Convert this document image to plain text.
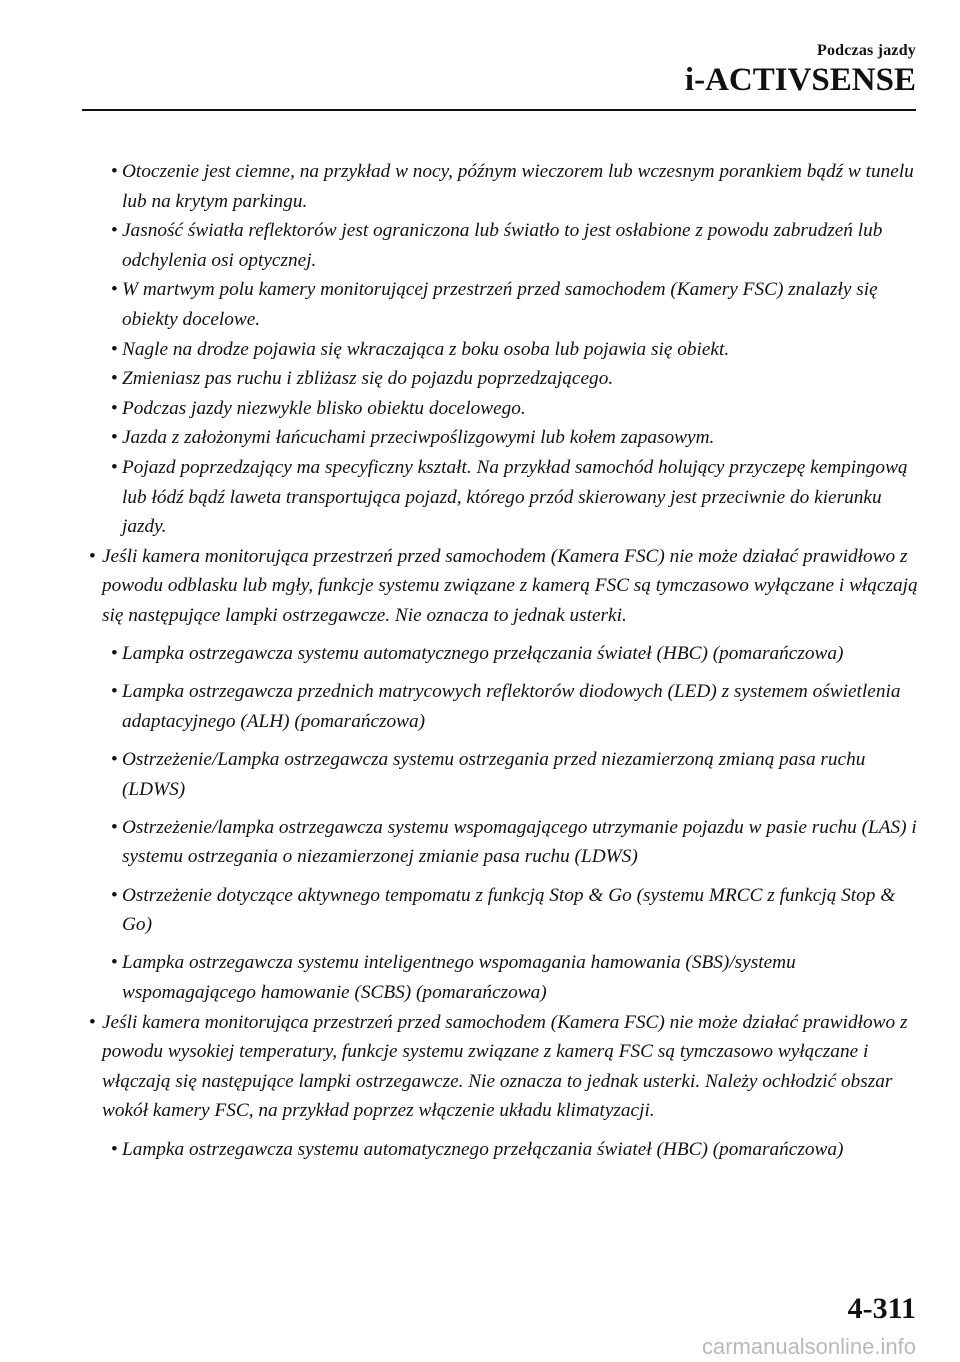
Podczas jazdy
i-ACTIVSENSE
• Otoczenie jest ciemne, na przykład w nocy, późnym wieczorem lub wczesnym porankiem bądź w tunelu lub na krytym parkingu.
• Jasność światła reflektorów jest ograniczona lub światło to jest osłabione z powodu zabrudzeń lub odchylenia osi optycznej.
• W martwym polu kamery monitorującej przestrzeń przed samochodem (Kamery FSC) znalazły się obiekty docelowe.
• Nagle na drodze pojawia się wkraczająca z boku osoba lub pojawia się obiekt.
• Zmieniasz pas ruchu i zbliżasz się do pojazdu poprzedzającego.
• Podczas jazdy niezwykle blisko obiektu docelowego.
• Jazda z założonymi łańcuchami przeciwpoślizgowymi lub kołem zapasowym.
• Pojazd poprzedzający ma specyficzny kształt. Na przykład samochód holujący przyczepę kempingową lub łódź bądź laweta transportująca pojazd, którego przód skierowany jest przeciwnie do kierunku jazdy.
• Jeśli kamera monitorująca przestrzeń przed samochodem (Kamera FSC) nie może działać prawidłowo z powodu odblasku lub mgły, funkcje systemu związane z kamerą FSC są tymczasowo wyłączane i włączają się następujące lampki ostrzegawcze. Nie oznacza to jednak usterki.
• Lampka ostrzegawcza systemu automatycznego przełączania świateł (HBC) (pomarańczowa)
• Lampka ostrzegawcza przednich matrycowych reflektorów diodowych (LED) z systemem oświetlenia adaptacyjnego (ALH) (pomarańczowa)
• Ostrzeżenie/Lampka ostrzegawcza systemu ostrzegania przed niezamierzoną zmianą pasa ruchu (LDWS)
• Ostrzeżenie/lampka ostrzegawcza systemu wspomagającego utrzymanie pojazdu w pasie ruchu (LAS) i systemu ostrzegania o niezamierzonej zmianie pasa ruchu (LDWS)
• Ostrzeżenie dotyczące aktywnego tempomatu z funkcją Stop & Go (systemu MRCC z funkcją Stop & Go)
• Lampka ostrzegawcza systemu inteligentnego wspomagania hamowania (SBS)/systemu wspomagającego hamowanie (SCBS) (pomarańczowa)
• Jeśli kamera monitorująca przestrzeń przed samochodem (Kamera FSC) nie może działać prawidłowo z powodu wysokiej temperatury, funkcje systemu związane z kamerą FSC są tymczasowo wyłączane i włączają się następujące lampki ostrzegawcze. Nie oznacza to jednak usterki. Należy ochłodzić obszar wokół kamery FSC, na przykład poprzez włączenie układu klimatyzacji.
• Lampka ostrzegawcza systemu automatycznego przełączania świateł (HBC) (pomarańczowa)
4-311
carmanualsonline.info
